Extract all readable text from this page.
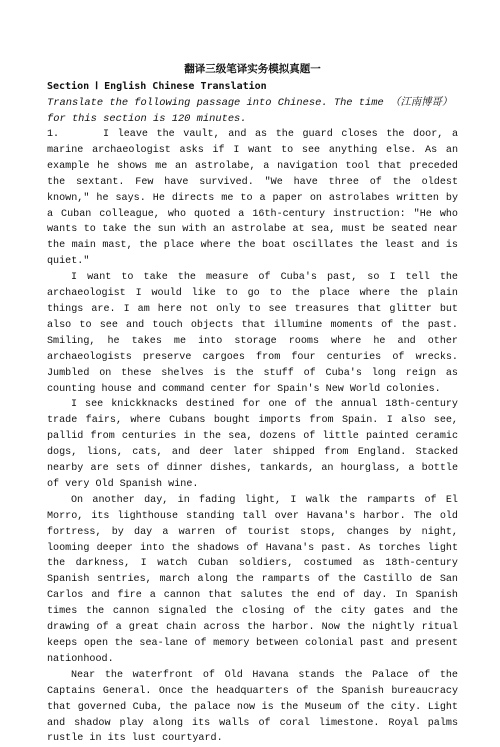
翻译三级笔译实务模拟真题一

Section Ⅰ English Chinese Translation

Translate the following passage into Chinese. The time （江南博哥）for this section is 120 minutes.

1.	I leave the vault, and as the guard closes the door, a marine archaeologist asks if I want to see anything else. As an example he shows me an astrolabe, a navigation tool that preceded the sextant. Few have survived. "We have three of the oldest known," he says. He directs me to a paper on astrolabes written by a Cuban colleague, who quoted a 16th-century instruction: "He who wants to take the sun with an astrolabe at sea, must be seated near the main mast, the place where the boat oscillates the least and is quiet."

I want to take the measure of Cuba's past, so I tell the archaeologist I would like to go to the place where the plain things are. I am here not only to see treasures that glitter but also to see and touch objects that illumine moments of the past. Smiling, he takes me into storage rooms where he and other archaeologists preserve cargoes from four centuries of wrecks. Jumbled on these shelves is the stuff of Cuba's long reign as counting house and command center for Spain's New World colonies.

I see knickknacks destined for one of the annual 18th-century trade fairs, where Cubans bought imports from Spain. I also see, pallid from centuries in the sea, dozens of little painted ceramic dogs, lions, cats, and deer later shipped from England. Stacked nearby are sets of dinner dishes, tankards, an hourglass, a bottle of very Old Spanish wine.

On another day, in fading light, I walk the ramparts of El Morro, its lighthouse standing tall over Havana's harbor. The old fortress, by day a warren of tourist stops, changes by night, looming deeper into the shadows of Havana's past. As torches light the darkness, I watch Cuban soldiers, costumed as 18th-century Spanish sentries, march along the ramparts of the Castillo de San Carlos and fire a cannon that salutes the end of day. In Spanish times the cannon signaled the closing of the city gates and the drawing of a great chain across the harbor. Now the nightly ritual keeps open the sea-lane of memory between colonial past and present nationhood.

Near the waterfront of Old Havana stands the Palace of the Captains General. Once the headquarters of the Spanish bureaucracy that governed Cuba, the palace now is the Museum of the city. Light and shadow play along its walls of coral limestone. Royal palms rustle in its lust courtyard.
